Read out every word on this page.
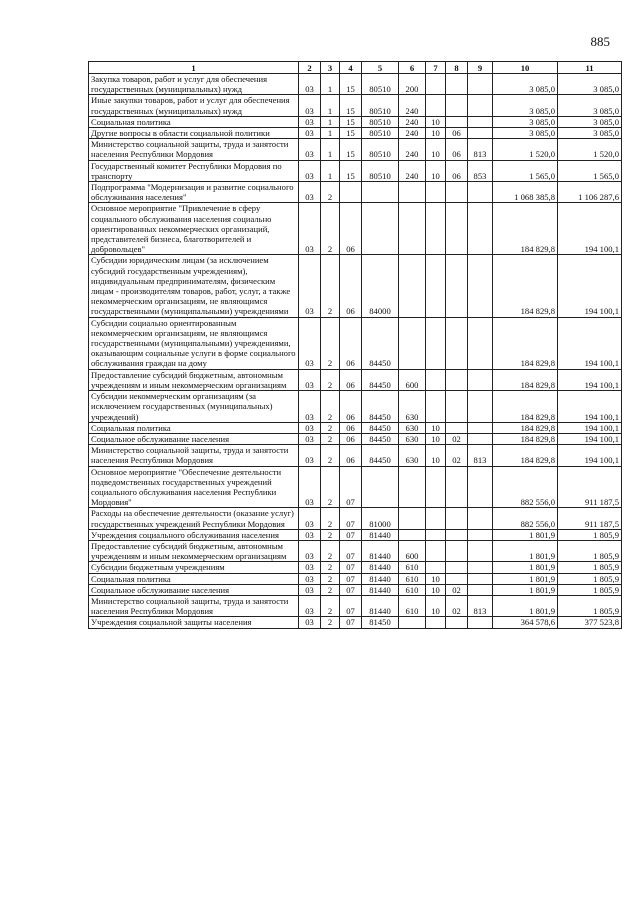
885
1	2	3	4	5	6	7	8	9	10	11
Закупка товаров, работ и услуг для обеспечения государственных (муниципальных) нужд	03	1	15	80510	200				3 085,0	3 085,0
Иные закупки товаров, работ и услуг для обеспечения государственных (муниципальных) нужд	03	1	15	80510	240				3 085,0	3 085,0
Социальная политика	03	1	15	80510	240	10			3 085,0	3 085,0
Другие вопросы в области социальной политики	03	1	15	80510	240	10	06		3 085,0	3 085,0
Министерство социальной защиты, труда и занятости населения Республики Мордовия	03	1	15	80510	240	10	06	813	1 520,0	1 520,0
Государственный комитет Республики Мордовия по транспорту	03	1	15	80510	240	10	06	853	1 565,0	1 565,0
Подпрограмма "Модернизация и развитие социального обслуживания населения"	03	2							1 068 385,8	1 106 287,6
Основное мероприятие "Привлечение в сферу социального обслуживания населения социально ориентированных некоммерческих организаций, представителей бизнеса, благотворителей и добровольцев"	03	2	06						184 829,8	194 100,1
Субсидии юридическим лицам (за исключением субсидий государственным учреждениям), индивидуальным предпринимателям, физическим лицам - производителям товаров, работ, услуг, а также некоммерческим организациям, не являющимся государственными (муниципальными) учреждениями	03	2	06	84000					184 829,8	194 100,1
Субсидии социально ориентированным некоммерческим организациям, не являющимся государственными (муниципальными) учреждениями, оказывающим социальные услуги в форме социального обслуживания граждан на дому	03	2	06	84450					184 829,8	194 100,1
Предоставление субсидий бюджетным, автономным учреждениям и иным некоммерческим организациям	03	2	06	84450	600				184 829,8	194 100,1
Субсидии некоммерческим организациям (за исключением государственных (муниципальных) учреждений)	03	2	06	84450	630				184 829,8	194 100,1
Социальная политика	03	2	06	84450	630	10			184 829,8	194 100,1
Социальное обслуживание населения	03	2	06	84450	630	10	02		184 829,8	194 100,1
Министерство социальной защиты, труда и занятости населения Республики Мордовия	03	2	06	84450	630	10	02	813	184 829,8	194 100,1
Основное мероприятие "Обеспечение деятельности подведомственных государственных учреждений социального обслуживания населения Республики Мордовия"	03	2	07						882 556,0	911 187,5
Расходы на обеспечение деятельности (оказание услуг) государственных учреждений Республики Мордовия	03	2	07	81000					882 556,0	911 187,5
Учреждения социального обслуживания населения	03	2	07	81440					1 801,9	1 805,9
Предоставление субсидий бюджетным, автономным учреждениям и иным некоммерческим организациям	03	2	07	81440	600				1 801,9	1 805,9
Субсидии бюджетным учреждениям	03	2	07	81440	610				1 801,9	1 805,9
Социальная политика	03	2	07	81440	610	10			1 801,9	1 805,9
Социальное обслуживание населения	03	2	07	81440	610	10	02		1 801,9	1 805,9
Министерство социальной защиты, труда и занятости населения Республики Мордовия	03	2	07	81440	610	10	02	813	1 801,9	1 805,9
Учреждения социальной защиты населения	03	2	07	81450					364 578,6	377 523,8
